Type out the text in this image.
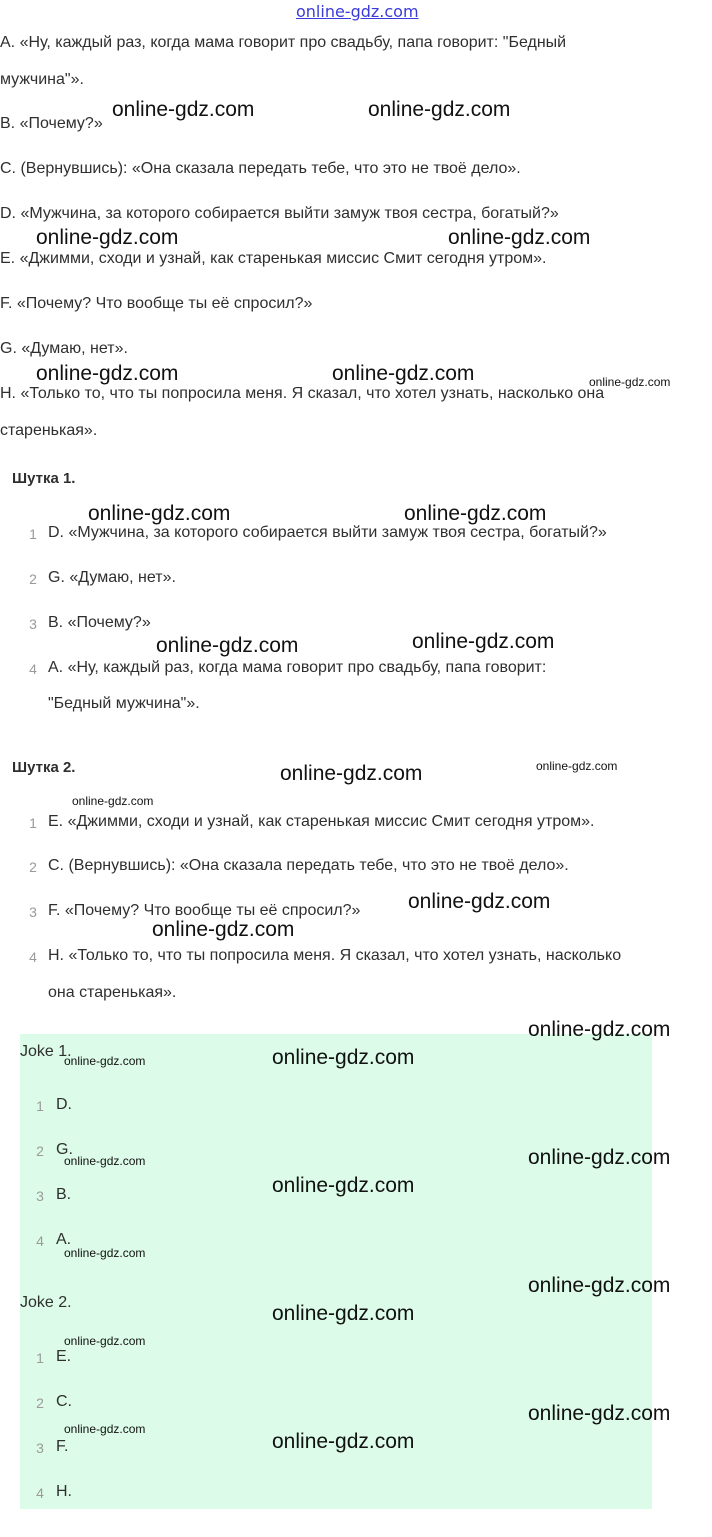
online-gdz.com
A. «Ну, каждый раз, когда мама говорит про свадьбу, папа говорит: "Бедный
мужчина"».
B. «Почему?»
C. (Вернувшись): «Она сказала передать тебе, что это не твоё дело».
D. «Мужчина, за которого собирается выйти замуж твоя сестра, богатый?»
E. «Джимми, сходи и узнай, как старенькая миссис Смит сегодня утром».
F. «Почему? Что вообще ты её спросил?»
G. «Думаю, нет».
H. «Только то, что ты попросила меня. Я сказал, что хотел узнать, насколько она
старенькая».
Шутка 1.
1 D. «Мужчина, за которого собирается выйти замуж твоя сестра, богатый?»
2 G. «Думаю, нет».
3 B. «Почему?»
4 A. «Ну, каждый раз, когда мама говорит про свадьбу, папа говорит:
"Бедный мужчина"».
Шутка 2.
1 E. «Джимми, сходи и узнай, как старенькая миссис Смит сегодня утром».
2 C. (Вернувшись): «Она сказала передать тебе, что это не твоё дело».
3 F. «Почему? Что вообще ты её спросил?»
4 H. «Только то, что ты попросила меня. Я сказал, что хотел узнать, насколько
она старенькая».
Joke 1.
1 D.
2 G.
3 B.
4 A.
Joke 2.
1 E.
2 C.
3 F.
4 H.
online-gdz.com	online-gdz.com
online-gdz.com	online-gdz.com
online-gdz.com	online-gdz.com
online-gdz.com	online-gdz.com
online-gdz.com	online-gdz.com
online-gdz.com
online-gdz.com
online-gdz.com
online-gdz.com
online-gdz.com
online-gdz.com
online-gdz.com
online-gdz.com
online-gdz.com
online-gdz.com
online-gdz.com
online-gdz.com
online-gdz.com
online-gdz.com
online-gdz.com
online-gdz.com
online-gdz.com
online-gdz.com
online-gdz.com
